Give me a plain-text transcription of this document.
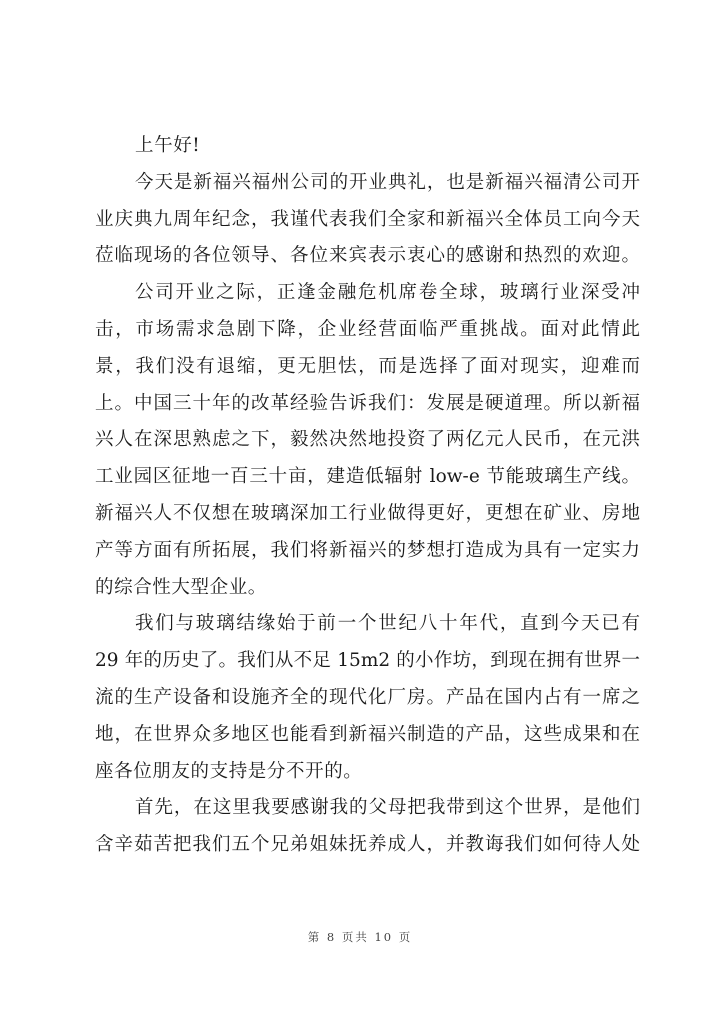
上午好!
今天是新福兴福州公司的开业典礼，也是新福兴福清公司开
业庆典九周年纪念，我谨代表我们全家和新福兴全体员工向今天
莅临现场的各位领导、各位来宾表示衷心的感谢和热烈的欢迎。
公司开业之际，正逢金融危机席卷全球，玻璃行业深受冲
击，市场需求急剧下降，企业经营面临严重挑战。面对此情此
景，我们没有退缩，更无胆怯，而是选择了面对现实，迎难而
上。中国三十年的改革经验告诉我们：发展是硬道理。所以新福
兴人在深思熟虑之下，毅然决然地投资了两亿元人民币，在元洪
工业园区征地一百三十亩，建造低辐射 low-e 节能玻璃生产线。
新福兴人不仅想在玻璃深加工行业做得更好，更想在矿业、房地
产等方面有所拓展，我们将新福兴的梦想打造成为具有一定实力
的综合性大型企业。
我们与玻璃结缘始于前一个世纪八十年代，直到今天已有
29 年的历史了。我们从不足 15m2 的小作坊，到现在拥有世界一
流的生产设备和设施齐全的现代化厂房。产品在国内占有一席之
地，在世界众多地区也能看到新福兴制造的产品，这些成果和在
座各位朋友的支持是分不开的。
首先，在这里我要感谢我的父母把我带到这个世界，是他们
含辛茹苦把我们五个兄弟姐妹抚养成人，并教诲我们如何待人处
第 8 页共 10 页
